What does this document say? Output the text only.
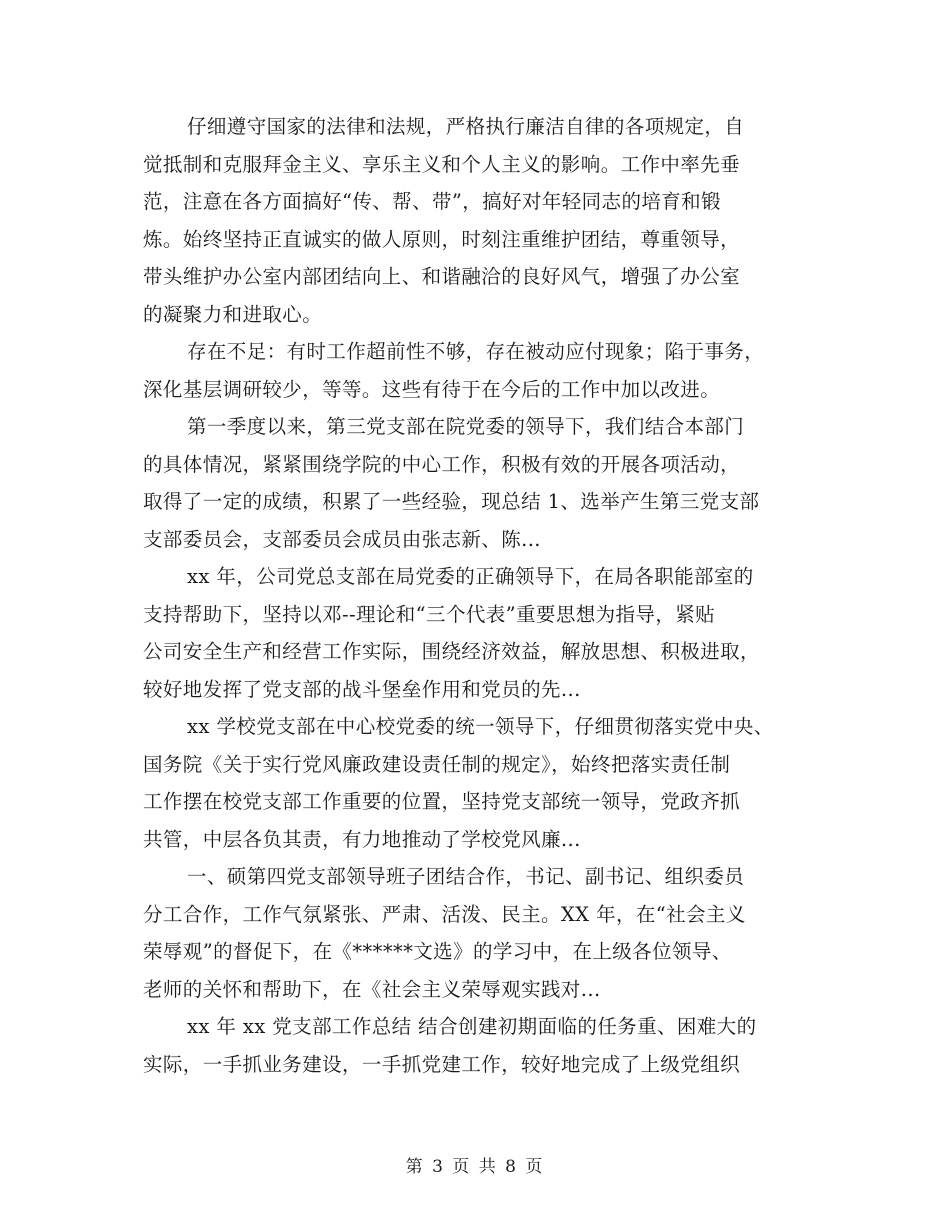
仔细遵守国家的法律和法规，严格执行廉洁自律的各项规定，自
觉抵制和克服拜金主义、享乐主义和个人主义的影响。工作中率先垂
范，注意在各方面搞好“传、帮、带”，搞好对年轻同志的培育和锻
炼。始终坚持正直诚实的做人原则，时刻注重维护团结，尊重领导，
带头维护办公室内部团结向上、和谐融洽的良好风气，增强了办公室
的凝聚力和进取心。

存在不足：有时工作超前性不够，存在被动应付现象；陷于事务，
深化基层调研较少，等等。这些有待于在今后的工作中加以改进。

第一季度以来，第三党支部在院党委的领导下，我们结合本部门
的具体情况，紧紧围绕学院的中心工作，积极有效的开展各项活动，
取得了一定的成绩，积累了一些经验，现总结 1、选举产生第三党支部
支部委员会，支部委员会成员由张志新、陈...

xx 年，公司党总支部在局党委的正确领导下，在局各职能部室的
支持帮助下，坚持以邓--理论和“三个代表”重要思想为指导，紧贴
公司安全生产和经营工作实际，围绕经济效益，解放思想、积极进取，
较好地发挥了党支部的战斗堡垒作用和党员的先...

xx 学校党支部在中心校党委的统一领导下，仔细贯彻落实党中央、
国务院《关于实行党风廉政建设责任制的规定》，始终把落实责任制
工作摆在校党支部工作重要的位置，坚持党支部统一领导，党政齐抓
共管，中层各负其责，有力地推动了学校党风廉...

一、硕第四党支部领导班子团结合作，书记、副书记、组织委员
分工合作，工作气氛紧张、严肃、活泼、民主。XX 年，在“社会主义
荣辱观”的督促下，在《******文选》的学习中，在上级各位领导、
老师的关怀和帮助下，在《社会主义荣辱观实践对...

xx 年 xx 党支部工作总结 结合创建初期面临的任务重、困难大的
实际，一手抓业务建设，一手抓党建工作，较好地完成了上级党组织

第 3 页 共 8 页
